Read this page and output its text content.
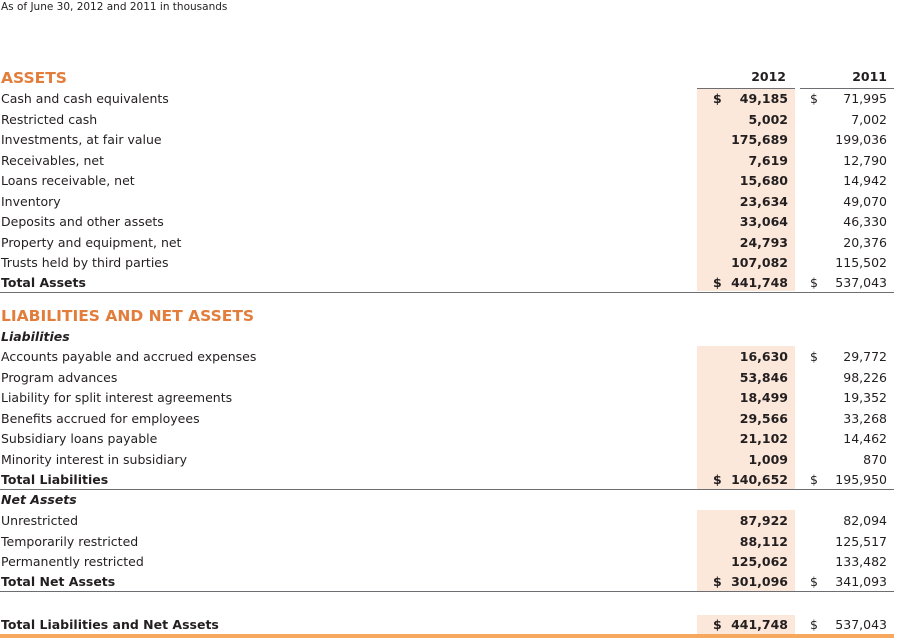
As of June 30, 2012 and 2011 in thousands
ASSETS	2012	2011
LIABILITIES AND NET ASSETS
Liabilities
Net Assets
Cash and cash equivalents	$ 49,185 $ 71,995
Restricted cash	5,002	7,002
Investments, at fair value	175,689	199,036
Receivables, net	7,619	12,790
Loans receivable, net	15,680	14,942
Inventory	23,634	49,070
Deposits and other assets	33,064	46,330
Property and equipment, net	24,793	20,376
Trusts held by third parties	107,082	115,502
Total Assets	$ 441,748 $ 537,043
Accounts payable and accrued expenses	16,630 $ 29,772
Program advances	53,846	98,226
Liability for split interest agreements	18,499	19,352
Benefits accrued for employees	29,566	33,268
Subsidiary loans payable	21,102	14,462
Minority interest in subsidiary	1,009	870
Total Liabilities	$ 140,652 $ 195,950
Unrestricted	87,922	82,094
Temporarily restricted	88,112	125,517
Permanently restricted	125,062	133,482
Total Net Assets	$ 301,096 $ 341,093
Total Liabilities and Net Assets	$ 441,748 $ 537,043
